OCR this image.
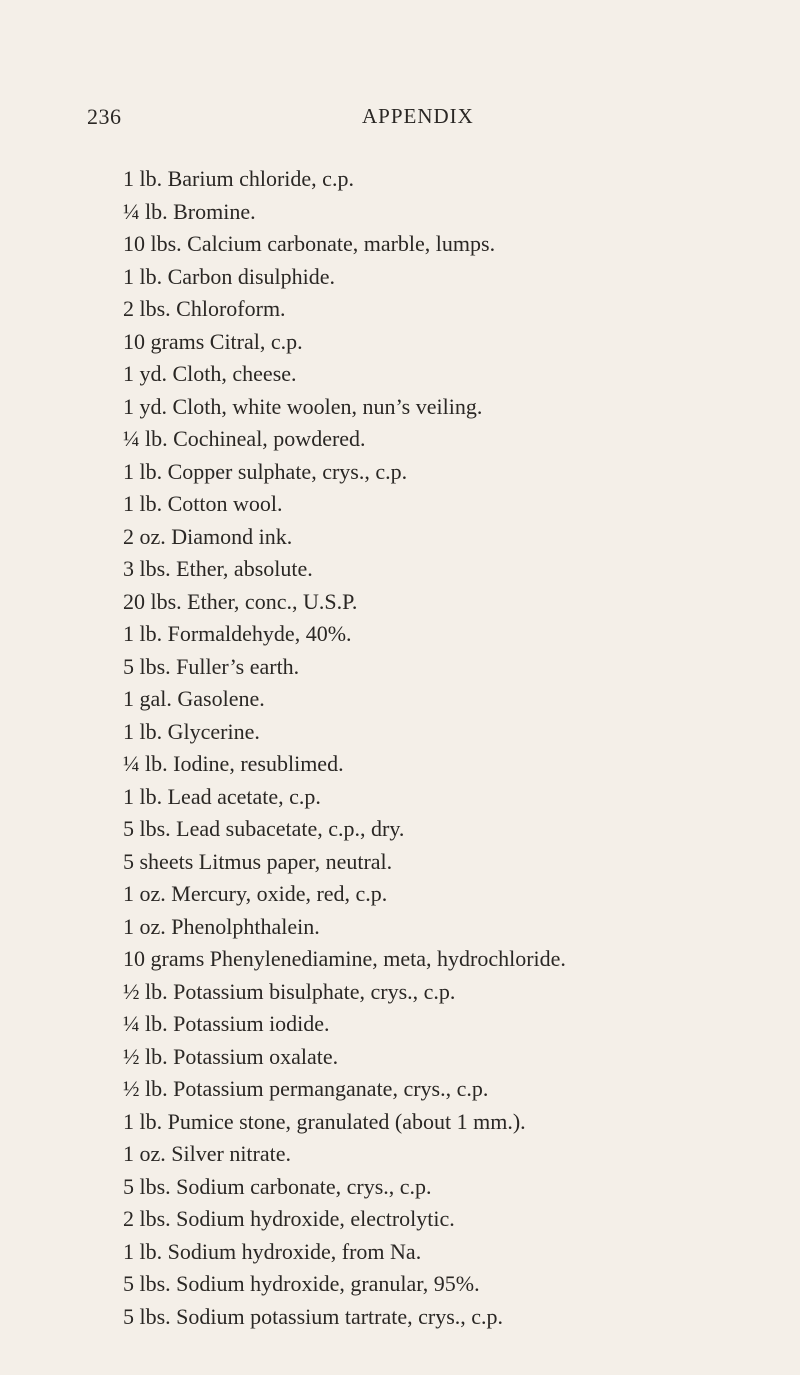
236	APPENDIX
1 lb. Barium chloride, c.p.
¼ lb. Bromine.
10 lbs. Calcium carbonate, marble, lumps.
1 lb. Carbon disulphide.
2 lbs. Chloroform.
10 grams Citral, c.p.
1 yd. Cloth, cheese.
1 yd. Cloth, white woolen, nun’s veiling.
¼ lb. Cochineal, powdered.
1 lb. Copper sulphate, crys., c.p.
1 lb. Cotton wool.
2 oz. Diamond ink.
3 lbs. Ether, absolute.
20 lbs. Ether, conc., U.S.P.
1 lb. Formaldehyde, 40%.
5 lbs. Fuller’s earth.
1 gal. Gasolene.
1 lb. Glycerine.
¼ lb. Iodine, resublimed.
1 lb. Lead acetate, c.p.
5 lbs. Lead subacetate, c.p., dry.
5 sheets Litmus paper, neutral.
1 oz. Mercury, oxide, red, c.p.
1 oz. Phenolphthalein.
10 grams Phenylenediamine, meta, hydrochloride.
½ lb. Potassium bisulphate, crys., c.p.
¼ lb. Potassium iodide.
½ lb. Potassium oxalate.
½ lb. Potassium permanganate, crys., c.p.
1 lb. Pumice stone, granulated (about 1 mm.).
1 oz. Silver nitrate.
5 lbs. Sodium carbonate, crys., c.p.
2 lbs. Sodium hydroxide, electrolytic.
1 lb. Sodium hydroxide, from Na.
5 lbs. Sodium hydroxide, granular, 95%.
5 lbs. Sodium potassium tartrate, crys., c.p.
